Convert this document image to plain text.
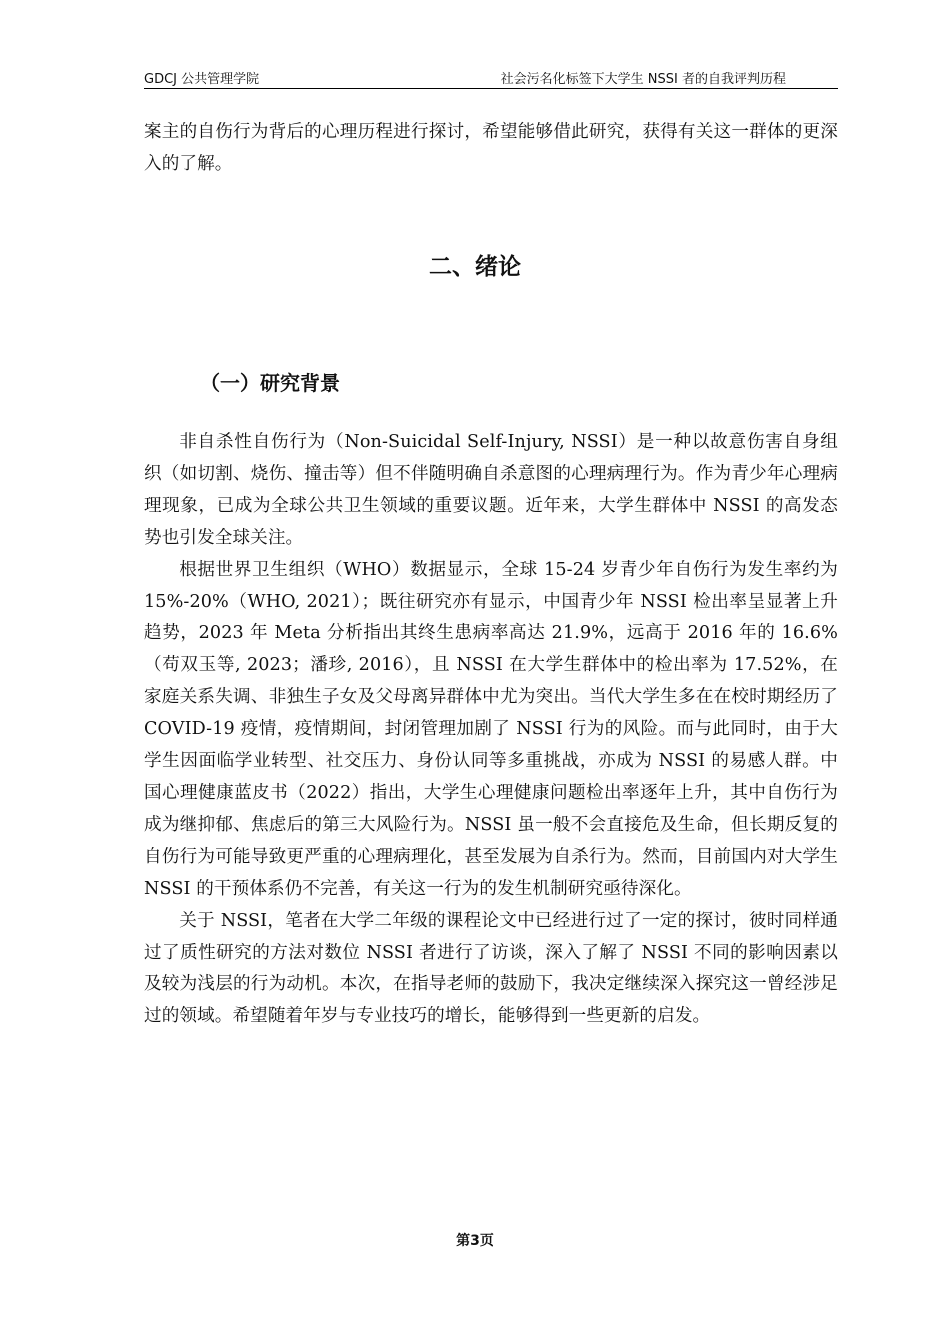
GDCJ 公共管理学院	社会污名化标签下大学生 NSSI 者的自我评判历程

案主的自伤行为背后的心理历程进行探讨，希望能够借此研究，获得有关这一群体的更深入的了解。

二、绪论
（一）研究背景

非自杀性自伤行为（Non-Suicidal Self-Injury, NSSI）是一种以故意伤害自身组织（如切割、烧伤、撞击等）但不伴随明确自杀意图的心理病理行为。作为青少年心理病理现象，已成为全球公共卫生领域的重要议题。近年来，大学生群体中 NSSI 的高发态势也引发全球关注。

根据世界卫生组织（WHO）数据显示，全球 15-24 岁青少年自伤行为发生率约为 15%-20%（WHO, 2021）；既往研究亦有显示，中国青少年 NSSI 检出率呈显著上升趋势，2023 年 Meta 分析指出其终生患病率高达 21.9%，远高于 2016 年的 16.6%（苟双玉等, 2023；潘珍, 2016），且 NSSI 在大学生群体中的检出率为 17.52%，在家庭关系失调、非独生子女及父母离异群体中尤为突出。当代大学生多在在校时期经历了 COVID-19 疫情，疫情期间，封闭管理加剧了 NSSI 行为的风险。而与此同时，由于大学生因面临学业转型、社交压力、身份认同等多重挑战，亦成为 NSSI 的易感人群。中国心理健康蓝皮书（2022）指出，大学生心理健康问题检出率逐年上升，其中自伤行为成为继抑郁、焦虑后的第三大风险行为。NSSI 虽一般不会直接危及生命，但长期反复的自伤行为可能导致更严重的心理病理化，甚至发展为自杀行为。然而，目前国内对大学生 NSSI 的干预体系仍不完善，有关这一行为的发生机制研究亟待深化。

关于 NSSI，笔者在大学二年级的课程论文中已经进行过了一定的探讨，彼时同样通过了质性研究的方法对数位 NSSI 者进行了访谈，深入了解了 NSSI 不同的影响因素以及较为浅层的行为动机。本次，在指导老师的鼓励下，我决定继续深入探究这一曾经涉足过的领域。希望随着年岁与专业技巧的增长，能够得到一些更新的启发。

第3页
